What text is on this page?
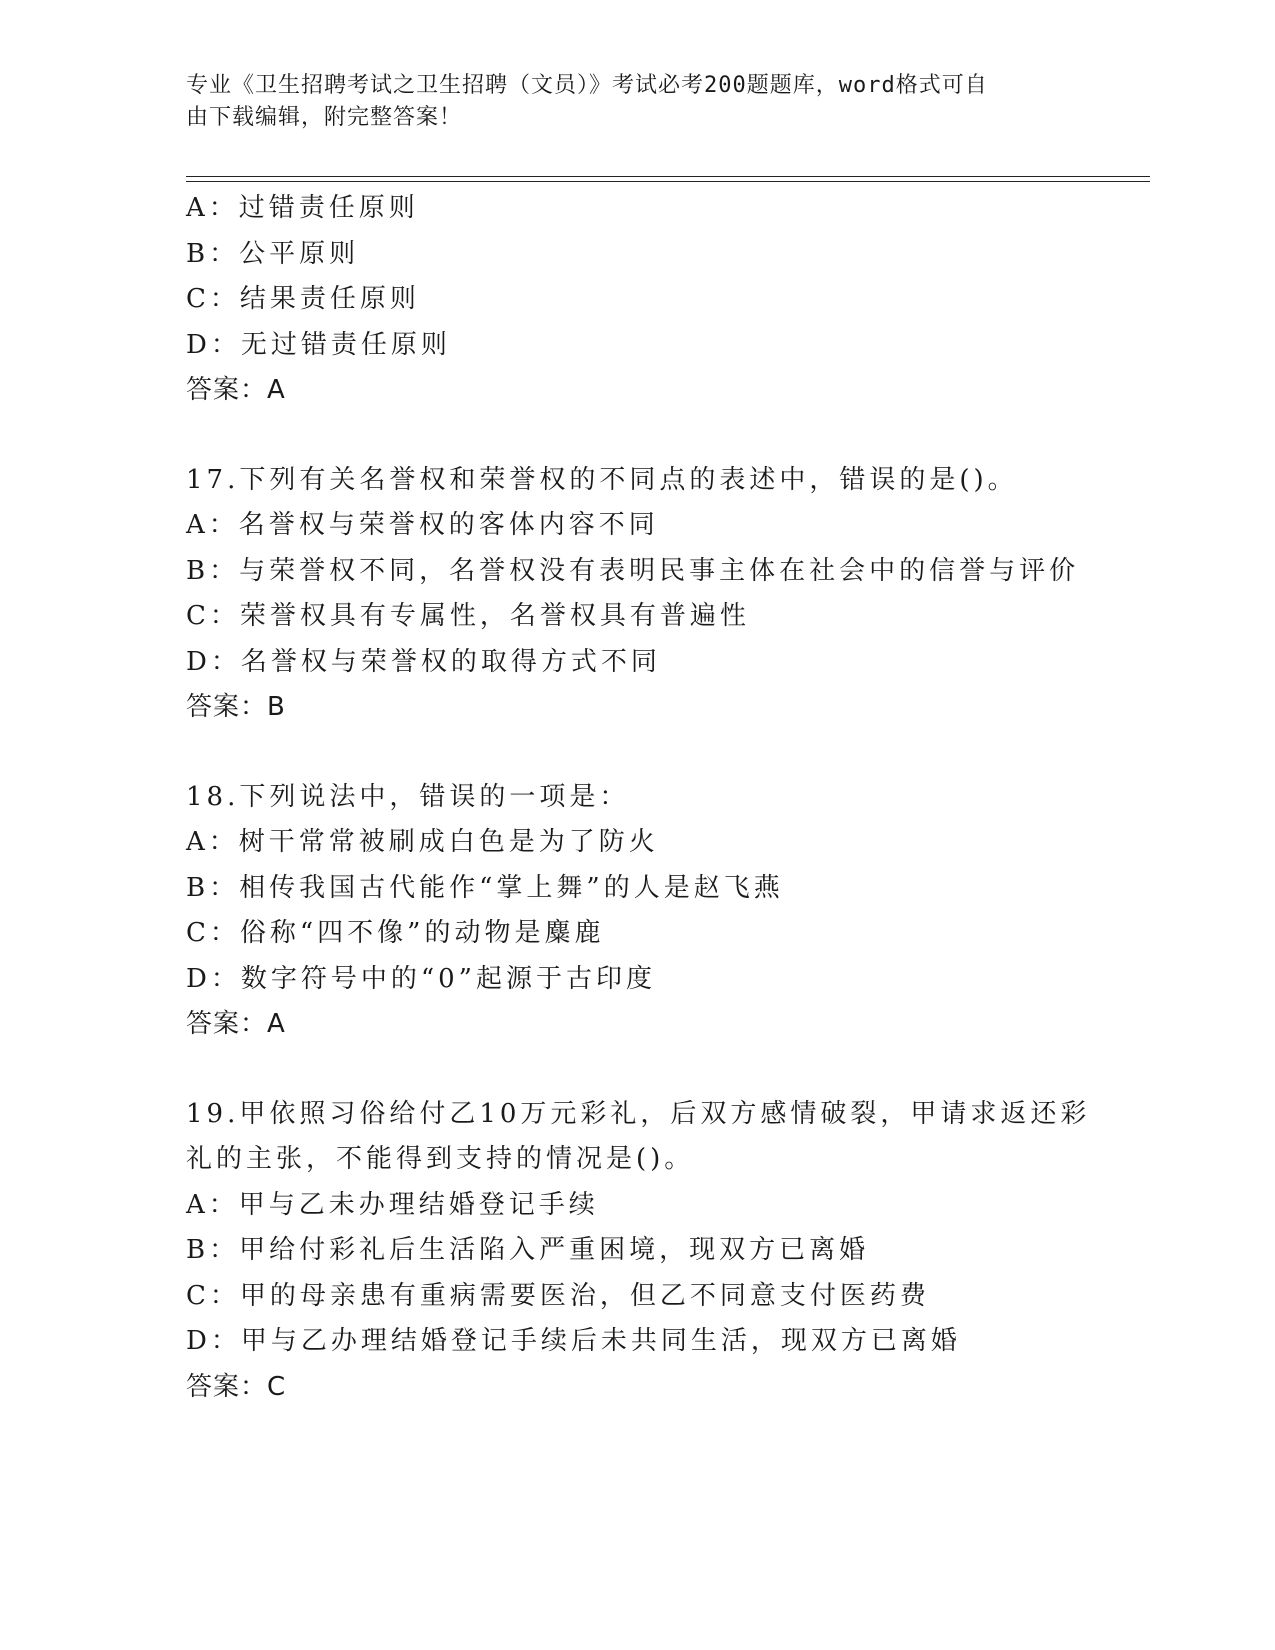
专业《卫生招聘考试之卫生招聘（文员）》考试必考200题题库，word格式可自
由下载编辑，附完整答案！
A：过错责任原则
B：公平原则
C：结果责任原则
D：无过错责任原则
答案：A
17.下列有关名誉权和荣誉权的不同点的表述中，错误的是()。
A：名誉权与荣誉权的客体内容不同
B：与荣誉权不同，名誉权没有表明民事主体在社会中的信誉与评价
C：荣誉权具有专属性，名誉权具有普遍性
D：名誉权与荣誉权的取得方式不同
答案：B
18.下列说法中，错误的一项是：
A：树干常常被刷成白色是为了防火
B：相传我国古代能作“掌上舞”的人是赵飞燕
C：俗称“四不像”的动物是麋鹿
D：数字符号中的“0”起源于古印度
答案：A
19.甲依照习俗给付乙10万元彩礼，后双方感情破裂，甲请求返还彩
礼的主张，不能得到支持的情况是()。
A：甲与乙未办理结婚登记手续
B：甲给付彩礼后生活陷入严重困境，现双方已离婚
C：甲的母亲患有重病需要医治，但乙不同意支付医药费
D：甲与乙办理结婚登记手续后未共同生活，现双方已离婚
答案：C
